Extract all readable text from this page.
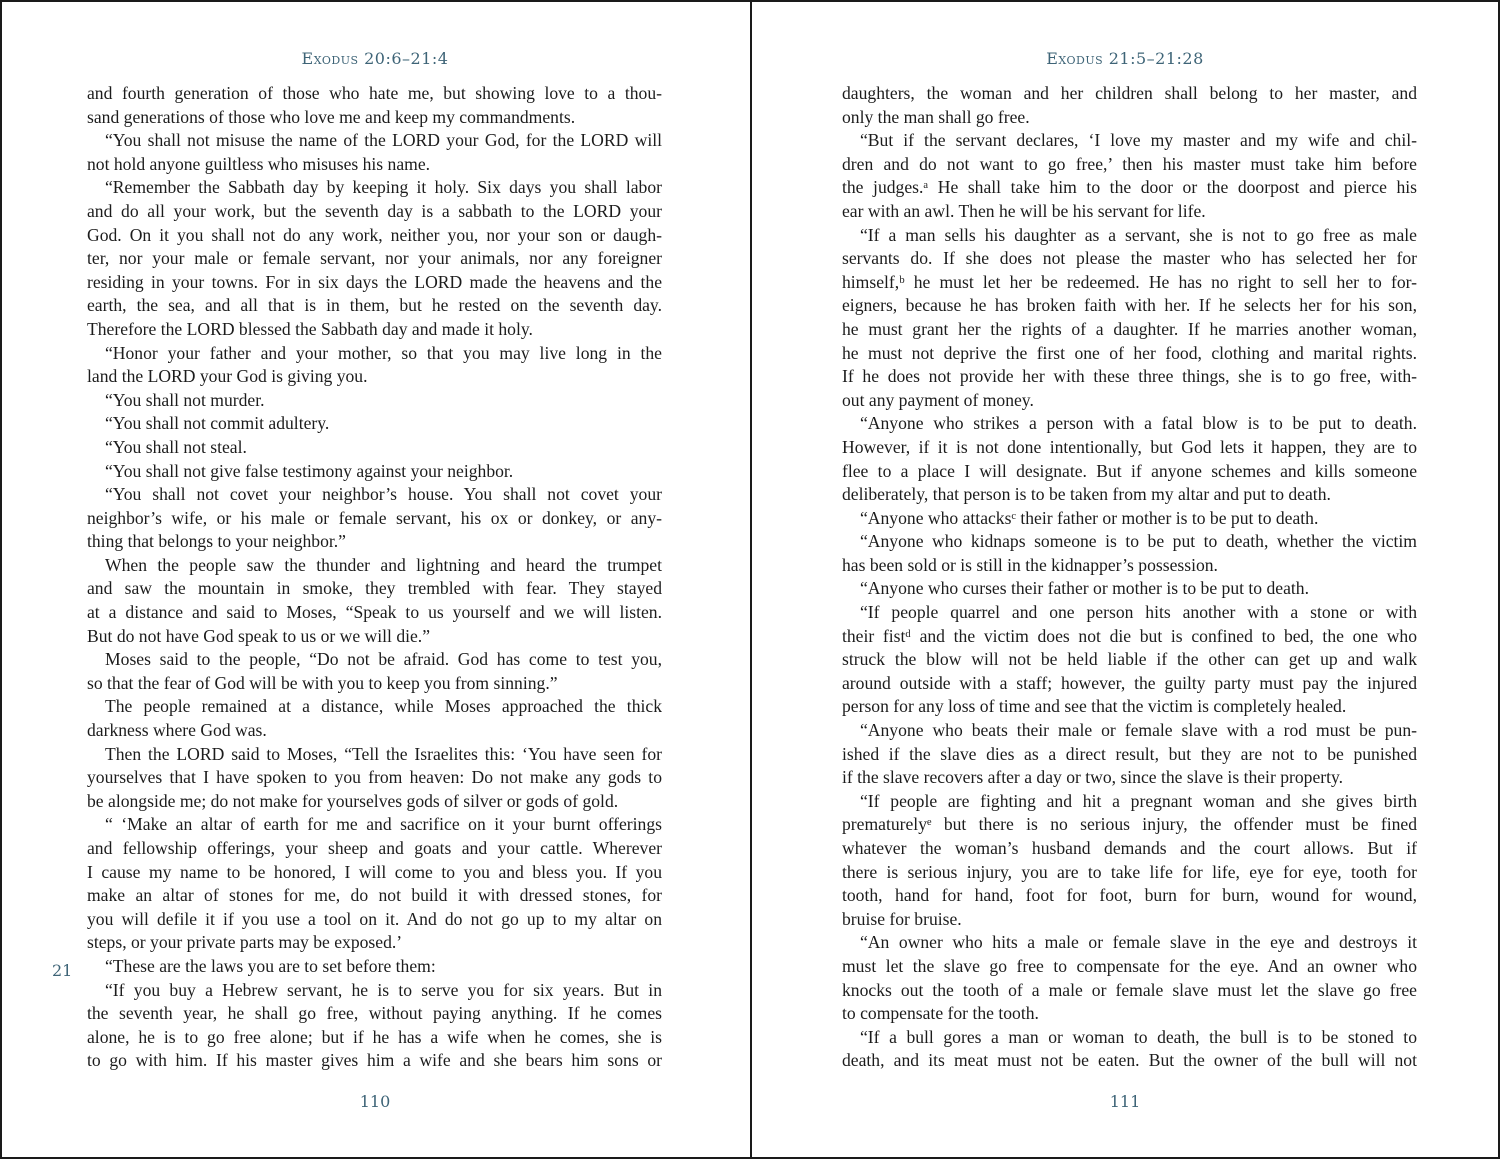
Exodus 20:6–21:4
21
and fourth generation of those who hate me, but showing love to a thou-
sand generations of those who love me and keep my commandments.
“You shall not misuse the name of the LORD your God, for the LORD will
not hold anyone guiltless who misuses his name.
“Remember the Sabbath day by keeping it holy. Six days you shall labor
and do all your work, but the seventh day is a sabbath to the LORD your
God. On it you shall not do any work, neither you, nor your son or daugh-
ter, nor your male or female servant, nor your animals, nor any foreigner
residing in your towns. For in six days the LORD made the heavens and the
earth, the sea, and all that is in them, but he rested on the seventh day.
Therefore the LORD blessed the Sabbath day and made it holy.
“Honor your father and your mother, so that you may live long in the
land the LORD your God is giving you.
“You shall not murder.
“You shall not commit adultery.
“You shall not steal.
“You shall not give false testimony against your neighbor.
“You shall not covet your neighbor’s house. You shall not covet your
neighbor’s wife, or his male or female servant, his ox or donkey, or any-
thing that belongs to your neighbor.”
When the people saw the thunder and lightning and heard the trumpet
and saw the mountain in smoke, they trembled with fear. They stayed
at a distance and said to Moses, “Speak to us yourself and we will listen.
But do not have God speak to us or we will die.”
Moses said to the people, “Do not be afraid. God has come to test you,
so that the fear of God will be with you to keep you from sinning.”
The people remained at a distance, while Moses approached the thick
darkness where God was.
Then the LORD said to Moses, “Tell the Israelites this: ‘You have seen for
yourselves that I have spoken to you from heaven: Do not make any gods to
be alongside me; do not make for yourselves gods of silver or gods of gold.
“ ‘Make an altar of earth for me and sacrifice on it your burnt offerings
and fellowship offerings, your sheep and goats and your cattle. Wherever
I cause my name to be honored, I will come to you and bless you. If you
make an altar of stones for me, do not build it with dressed stones, for
you will defile it if you use a tool on it. And do not go up to my altar on
steps, or your private parts may be exposed.’
“These are the laws you are to set before them:
“If you buy a Hebrew servant, he is to serve you for six years. But in
the seventh year, he shall go free, without paying anything. If he comes
alone, he is to go free alone; but if he has a wife when he comes, she is
to go with him. If his master gives him a wife and she bears him sons or
110
Exodus 21:5–21:28
daughters, the woman and her children shall belong to her master, and
only the man shall go free.
“But if the servant declares, ‘I love my master and my wife and chil-
dren and do not want to go free,’ then his master must take him before
the judges.ᵃ He shall take him to the door or the doorpost and pierce his
ear with an awl. Then he will be his servant for life.
“If a man sells his daughter as a servant, she is not to go free as male
servants do. If she does not please the master who has selected her for
himself,ᵇ he must let her be redeemed. He has no right to sell her to for-
eigners, because he has broken faith with her. If he selects her for his son,
he must grant her the rights of a daughter. If he marries another woman,
he must not deprive the first one of her food, clothing and marital rights.
If he does not provide her with these three things, she is to go free, with-
out any payment of money.
“Anyone who strikes a person with a fatal blow is to be put to death.
However, if it is not done intentionally, but God lets it happen, they are to
flee to a place I will designate. But if anyone schemes and kills someone
deliberately, that person is to be taken from my altar and put to death.
“Anyone who attacksᶜ their father or mother is to be put to death.
“Anyone who kidnaps someone is to be put to death, whether the victim
has been sold or is still in the kidnapper’s possession.
“Anyone who curses their father or mother is to be put to death.
“If people quarrel and one person hits another with a stone or with
their fistᵈ and the victim does not die but is confined to bed, the one who
struck the blow will not be held liable if the other can get up and walk
around outside with a staff; however, the guilty party must pay the injured
person for any loss of time and see that the victim is completely healed.
“Anyone who beats their male or female slave with a rod must be pun-
ished if the slave dies as a direct result, but they are not to be punished
if the slave recovers after a day or two, since the slave is their property.
“If people are fighting and hit a pregnant woman and she gives birth
prematurelyᵉ but there is no serious injury, the offender must be fined
whatever the woman’s husband demands and the court allows. But if
there is serious injury, you are to take life for life, eye for eye, tooth for
tooth, hand for hand, foot for foot, burn for burn, wound for wound,
bruise for bruise.
“An owner who hits a male or female slave in the eye and destroys it
must let the slave go free to compensate for the eye. And an owner who
knocks out the tooth of a male or female slave must let the slave go free
to compensate for the tooth.
“If a bull gores a man or woman to death, the bull is to be stoned to
death, and its meat must not be eaten. But the owner of the bull will not
111
